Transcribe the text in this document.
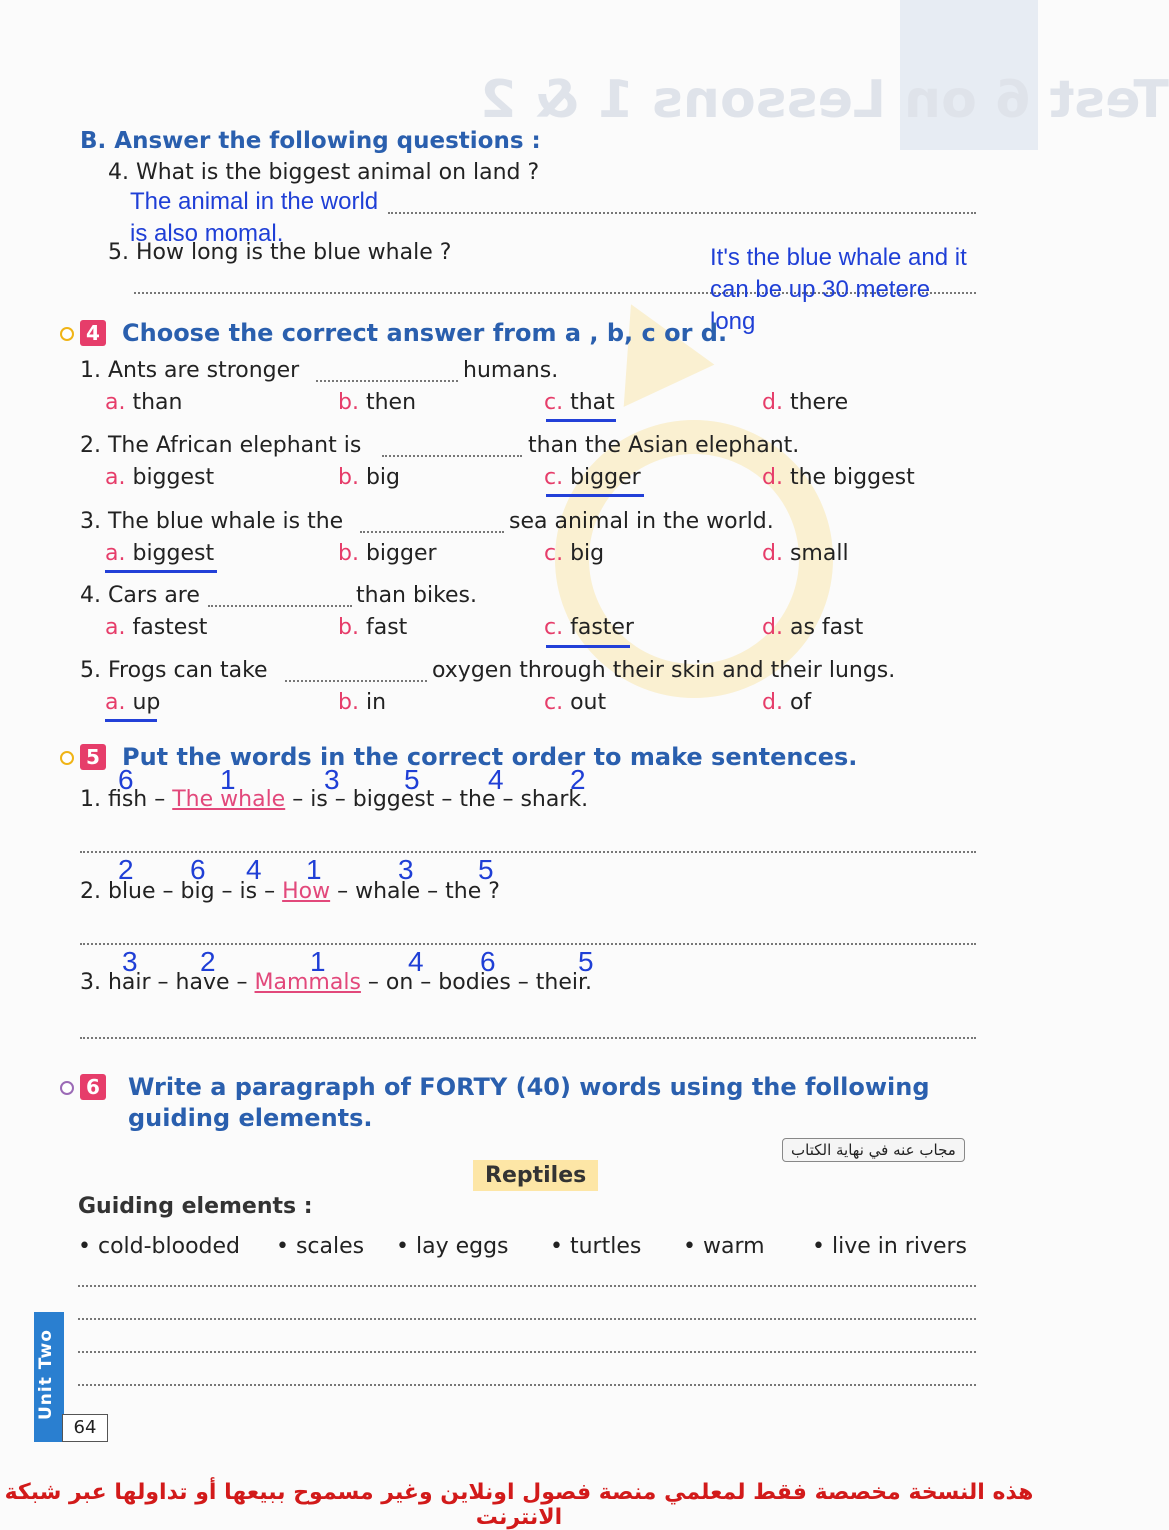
Test 6 on Lessons 1 & 2
B. Answer the following questions :
4. What is the biggest animal on land ?
The animal in the world
is also momal.
5. How long is the blue whale ?	It's the blue whale and it
can be up 30 metere
long
4 Choose the correct answer from a , b, c or d.
1. Ants are stronger	humans.
a. than	b. then	c. that	d. there
2. The African elephant is	than the Asian elephant.
a. biggest	b. big	c. bigger	d. the biggest
3. The blue whale is the	sea animal in the world.
a. biggest	b. bigger	c. big	d. small
4. Cars are	than bikes.
a. fastest	b. fast	c. faster	d. as fast
5. Frogs can take	oxygen through their skin and their lungs.
a. up	b. in	c. out	d. of
5 Put the words in the correct order to make sentences.
6	1	3 5 4 2
1. fish – The whale – is – biggest – the – shark.
2 6 4 1	3 5
2. blue – big – is – How – whale – the ?
3 2	1	4 6	5
3. hair – have – Mammals – on – bodies – their.
6 Write a paragraph of FORTY (40) words using the following
guiding elements.
مجاب عنه في نهاية الكتاب
Reptiles
Guiding elements :
• cold-blooded • scales • lay eggs • turtles • warm • live in rivers
Unit Two
64
هذه النسخة مخصصة فقط لمعلمي منصة فصول اونلاين وغير مسموح ببيعها أو تداولها عبر شبكة الانترنت
